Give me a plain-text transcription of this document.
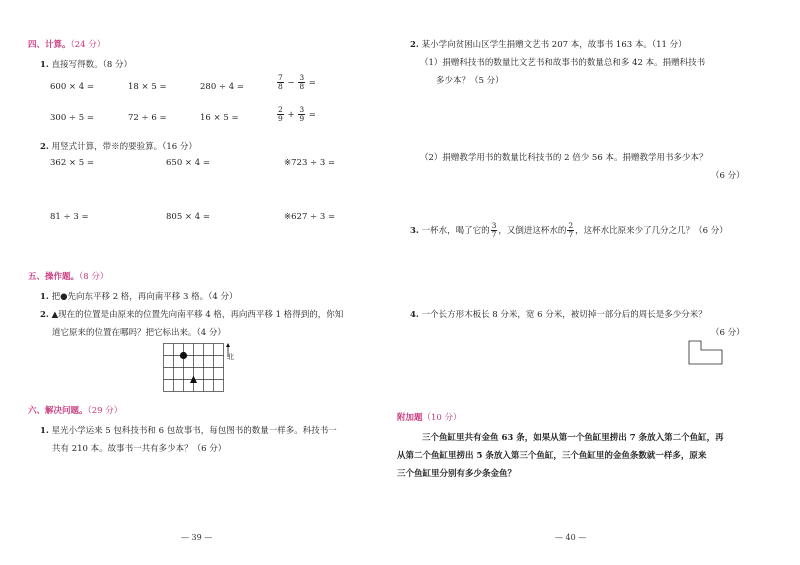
四、计算。（24 分）
1. 直接写得数。（8 分）
600 × 4 =	18 × 5 =	280 ÷ 4 =	$\frac{7}{8} - \frac{3}{8}$ =
300 ÷ 5 =	72 ÷ 6 =	16 × 5 =	$\frac{2}{9} + \frac{3}{9}$ =
2. 用竖式计算，带※的要验算。（16 分）
362 × 5 =	650 × 4 =	※723 ÷ 3 =
81 ÷ 3 =	805 × 4 =	※627 ÷ 3 =
五、操作题。（8 分）
1. 把●先向东平移 2 格，再向南平移 3 格。（4 分）
2. ▲现在的位置是由原来的位置先向南平移 4 格，再向西平移 1 格得到的，你知
道它原来的位置在哪吗？把它标出来。（4 分）
北
六、解决问题。（29 分）
1. 星光小学运来 5 包科技书和 6 包故事书，每包图书的数量一样多。科技书一
共有 210 本。故事书一共有多少本？（6 分）
— 39 —
2. 某小学向贫困山区学生捐赠文艺书 207 本，故事书 163 本。（11 分）
（1）捐赠科技书的数量比文艺书和故事书的数量总和多 42 本。捐赠科技书
多少本？（5 分）
（2）捐赠教学用书的数量比科技书的 2 倍少 56 本。捐赠教学用书多少本？
（6 分）
3. 一杯水，喝了它的 $\frac{3}{7}$ ，又倒进这杯水的 $\frac{2}{7}$ ，这杯水比原来少了几分之几？（6 分）
4. 一个长方形木板长 8 分米，宽 6 分米，被切掉一部分后的周长是多少分米？
（6 分）
附加题（10 分）
三个鱼缸里共有金鱼 63 条，如果从第一个鱼缸里捞出 7 条放入第二个鱼缸，再
从第二个鱼缸里捞出 5 条放入第三个鱼缸，三个鱼缸里的金鱼条数就一样多，原来
三个鱼缸里分别有多少条金鱼？
— 40 —
